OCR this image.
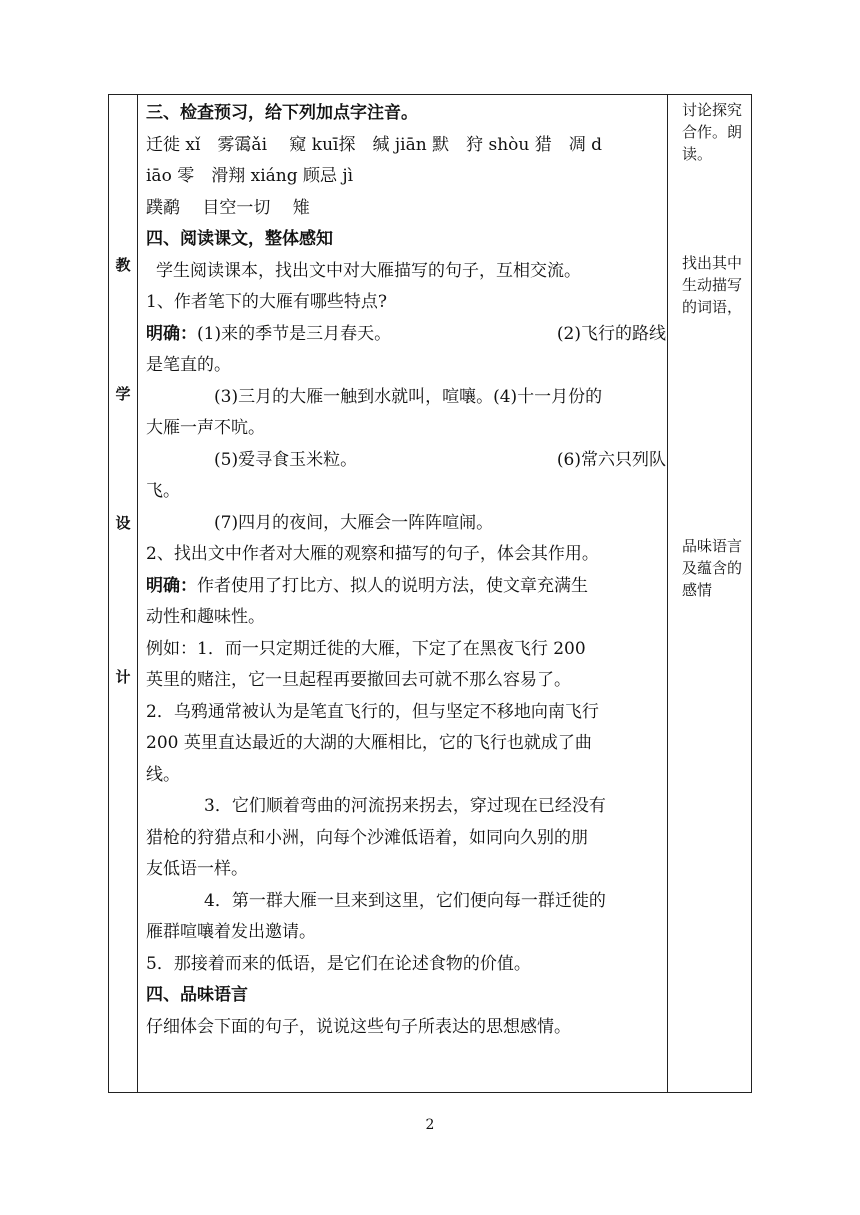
教
学
设
计

三、检查预习，给下列加点字注音。

迁徙 xǐ　雾霭ǎi　 窥 kuī探　缄 jiān 默　狩 shòu 猎　凋 d

iāo 零　滑翔 xiáng 顾忌 jì

蹼鹬　 目空一切　 雉

四、阅读课文，整体感知

学生阅读课本，找出文中对大雁描写的句子，互相交流。

1、作者笔下的大雁有哪些特点?

明确：(1)来的季节是三月春天。	(2)飞行的路线

是笔直的。

(3)三月的大雁一触到水就叫，喧嚷。(4)十一月份的

大雁一声不吭。

(5)爱寻食玉米粒。	(6)常六只列队

飞。

(7)四月的夜间，大雁会一阵阵喧闹。

2、找出文中作者对大雁的观察和描写的句子，体会其作用。

明确：作者使用了打比方、拟人的说明方法，使文章充满生

动性和趣味性。

例如：1．而一只定期迁徙的大雁，下定了在黑夜飞行 200

英里的赌注，它一旦起程再要撤回去可就不那么容易了。

2．乌鸦通常被认为是笔直飞行的，但与坚定不移地向南飞行

200 英里直达最近的大湖的大雁相比，它的飞行也就成了曲

线。

3．它们顺着弯曲的河流拐来拐去，穿过现在已经没有

猎枪的狩猎点和小洲，向每个沙滩低语着，如同向久别的朋

友低语一样。

4．第一群大雁一旦来到这里，它们便向每一群迁徙的

雁群喧嚷着发出邀请。

5．那接着而来的低语，是它们在论述食物的价值。

四、品味语言

仔细体会下面的句子，说说这些句子所表达的思想感情。

讨论探究合作。朗读。
找出其中生动描写的词语，
品味语言及蕴含的感情
2
